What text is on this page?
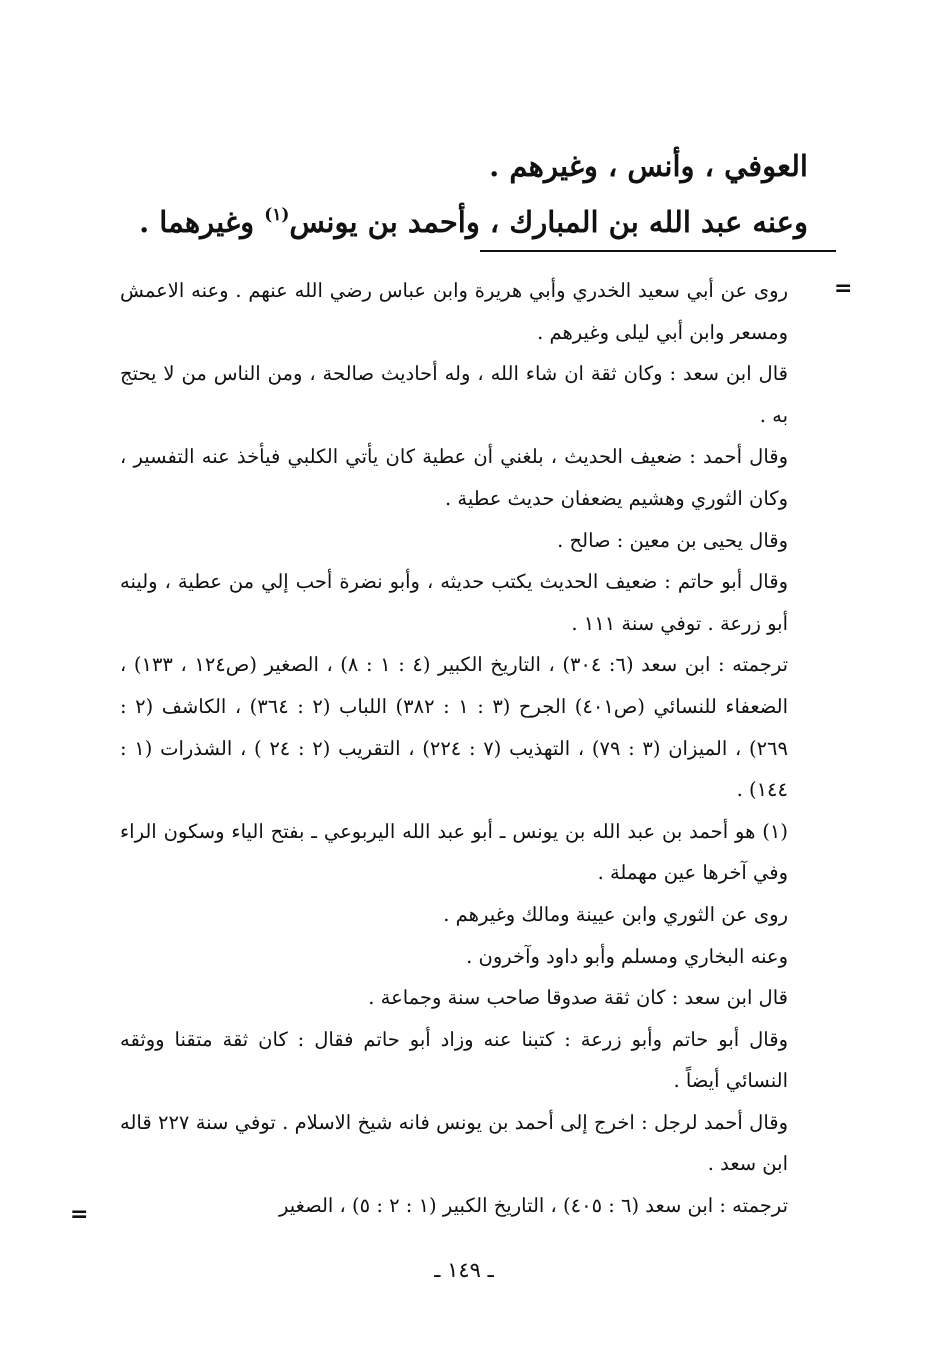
العوفي ، وأنس ، وغيرهم .

وعنه عبد الله بن المبارك ، وأحمد بن يونس$^{(١)}$ وغيرهما .

=

روى عن أبي سعيد الخدري وأبي هريرة وابن عباس رضي الله عنهم . وعنه الاعمش ومسعر وابن أبي ليلى وغيرهم .

قال ابن سعد : وكان ثقة ان شاء الله ، وله أحاديث صالحة ، ومن الناس من لا يحتج به .

وقال أحمد : ضعيف الحديث ، بلغني أن عطية كان يأتي الكلبي فيأخذ عنه التفسير ، وكان الثوري وهشيم يضعفان حديث عطية .

وقال يحيى بن معين : صالح .

وقال أبو حاتم : ضعيف الحديث يكتب حديثه ، وأبو نضرة أحب إلي من عطية ، ولينه أبو زرعة . توفي سنة ١١١ .

ترجمته : ابن سعد (٦: ٣٠٤) ، التاريخ الكبير (٤ : ١ : ٨) ، الصغير (ص١٢٤ ، ١٣٣) ، الضعفاء للنسائي (ص٤٠١) الجرح (٣ : ١ : ٣٨٢) اللباب (٢ : ٣٦٤) ، الكاشف (٢ : ٢٦٩) ، الميزان (٣ : ٧٩) ، التهذيب (٧ : ٢٢٤) ، التقريب (٢ : ٢٤ ) ، الشذرات (١ : ١٤٤) .

(١) هو أحمد بن عبد الله بن يونس ـ أبو عبد الله اليربوعي ـ بفتح الياء وسكون الراء وفي آخرها عين مهملة .

روى عن الثوري وابن عيينة ومالك وغيرهم .

وعنه البخاري ومسلم وأبو داود وآخرون .

قال ابن سعد : كان ثقة صدوقا صاحب سنة وجماعة .

وقال أبو حاتم وأبو زرعة : كتبنا عنه وزاد أبو حاتم فقال : كان ثقة متقنا ووثقه النسائي أيضاً .

وقال أحمد لرجل : اخرج إلى أحمد بن يونس فانه شيخ الاسلام . توفي سنة ٢٢٧ قاله ابن سعد .

ترجمته : ابن سعد (٦ : ٤٠٥) ، التاريخ الكبير (١ : ٢ : ٥) ، الصغير

=
ـ ١٤٩ ـ
